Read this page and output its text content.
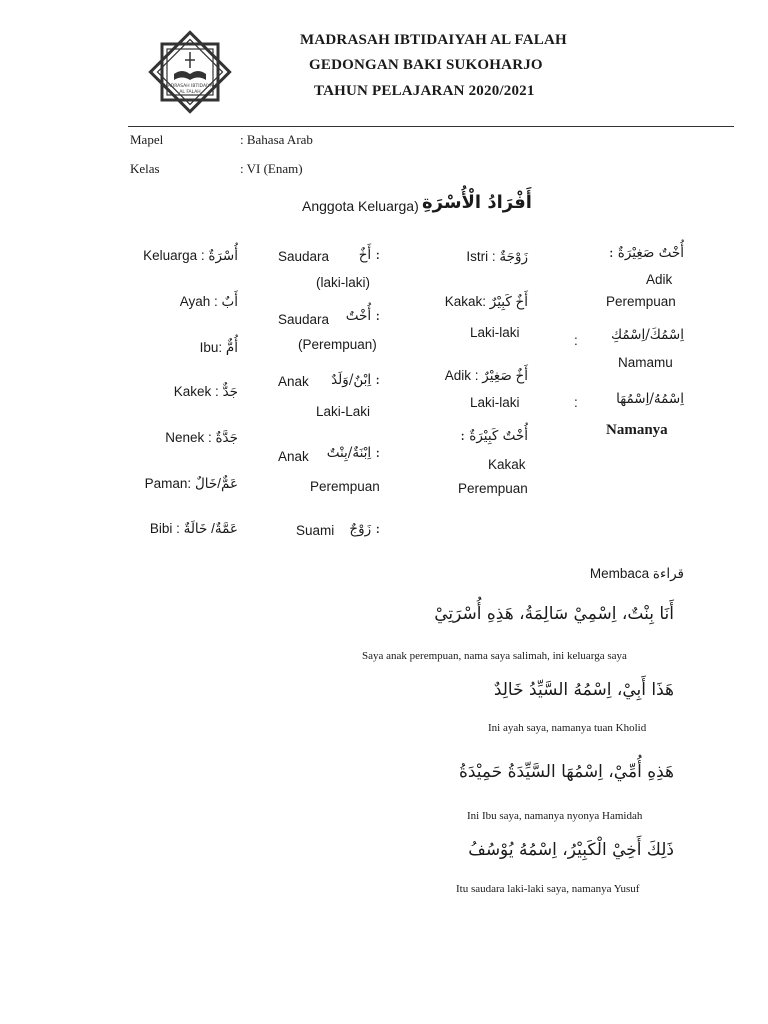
MADRASAH IBTIDAIYAH
AL FALAH
MADRASAH IBTIDAIYAH AL FALAH
GEDONGAN BAKI SUKOHARJO
TAHUN PELAJARAN 2020/2021
Mapel	: Bahasa Arab
Kelas	: VI (Enam)
Anggota Keluarga) أَفْرَادُ الْأُسْرَةِ
Keluarga : أُسْرَةٌ
Ayah : أَبٌ
Ibu: أُمٌّ
Kakek : جَدٌّ
Nenek : جَدَّةٌ
Paman: عَمٌّ/خَالٌ
Bibi : عَمَّةٌ/ خَالَةٌ
Saudara : أَخٌ
(laki-laki)
Saudara : أُخْتٌ
(Perempuan)
Anak : اِبْنٌ/وَلَدٌ
Laki-Laki
Anak : اِبْنَةٌ/بِنْتٌ
Perempuan
Suami : زَوْجٌ
Istri : زَوْجَةٌ
Kakak: أَخٌ كَبِيْرٌ
Laki-laki
Adik : أَخٌ صَغِيْرٌ
Laki-laki
أُخْتٌ كَبِيْرَةٌ :
Kakak
Perempuan
أُخْتٌ صَغِيْرَةٌ :
Adik
Perempuan
: اِسْمُكَ/اِسْمُكِ
Namamu
:	اِسْمُهُ/اِسْمُهَا
Namanya
Membaca قراءة
أَنَا بِنْتٌ، اِسْمِيْ سَالِمَةُ، هَذِهِ أُسْرَتِيْ
Saya anak perempuan, nama saya salimah, ini keluarga saya
هَذَا أَبِيْ، اِسْمُهُ السَّيِّدُ خَالِدٌ
Ini ayah saya, namanya tuan Kholid
هَذِهِ أُمِّيْ، اِسْمُهَا السَّيِّدَةُ حَمِيْدَةُ
Ini Ibu saya, namanya nyonya Hamidah
ذَلِكَ أَخِيْ الْكَبِيْرُ، اِسْمُهُ يُوْسُفُ
Itu saudara laki-laki saya, namanya Yusuf
